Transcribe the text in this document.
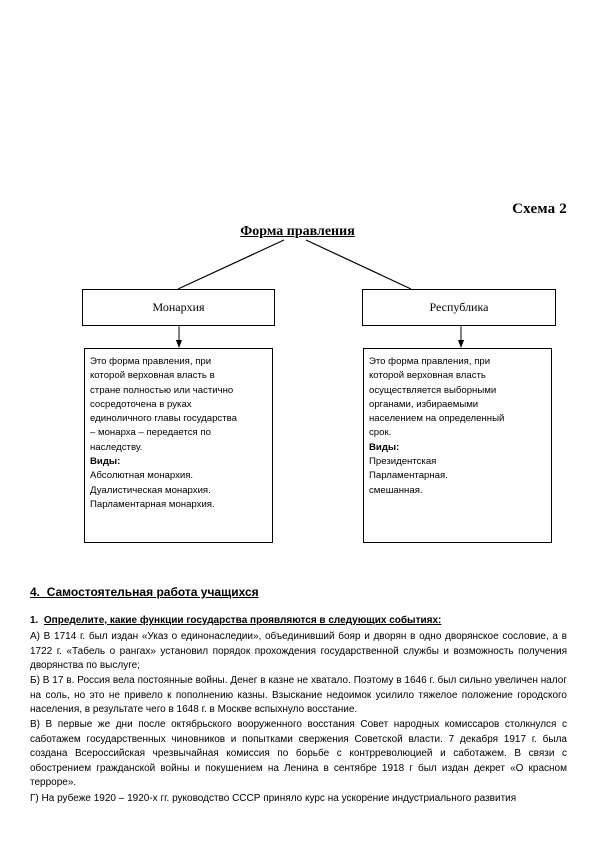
Схема 2
Форма правления
Монархия	Республика
Это форма правления, при
которой верховная власть в
стране полностью или частично
сосредоточена в руках
единоличного главы государства
– монарха – передается по
наследству.
Виды:
Абсолютная монархия.
Дуалистическая монархия.
Парламентарная монархия.
Это форма правления, при
которой верховная власть
осуществляется выборными
органами, избираемыми
населением на определенный
срок.
Виды:
Президентская
Парламентарная.
смешанная.
4. Самостоятельная работа учащихся
1. Определите, какие функции государства проявляются в следующих событиях:
А) В 1714 г. был издан «Указ о единонаследии», объединивший бояр и дворян в одно дворянское сословие, а в 1722 г. «Табель о рангах» установил порядок прохождения государственной службы и возможность получения дворянства по выслуге;
Б) В 17 в. Россия вела постоянные войны. Денег в казне не хватало. Поэтому в 1646 г. был сильно увеличен налог на соль, но это не привело к пополнению казны. Взыскание недоимок усилило тяжелое положение городского населения, в результате чего в 1648 г. в Москве вспыхнуло восстание.
В) В первые же дни после октябрьского вооруженного восстания Совет народных комиссаров столкнулся с саботажем государственных чиновников и попытками свержения Советской власти. 7 декабря 1917 г. была создана Всероссийская чрезвычайная комиссия по борьбе с контрреволюцией и саботажем. В связи с обострением гражданской войны и покушением на Ленина в сентябре 1918 г был издан декрет «О красном терроре».
Г) На рубеже 1920 – 1920-х гг. руководство СССР приняло курс на ускорение индустриального развития
